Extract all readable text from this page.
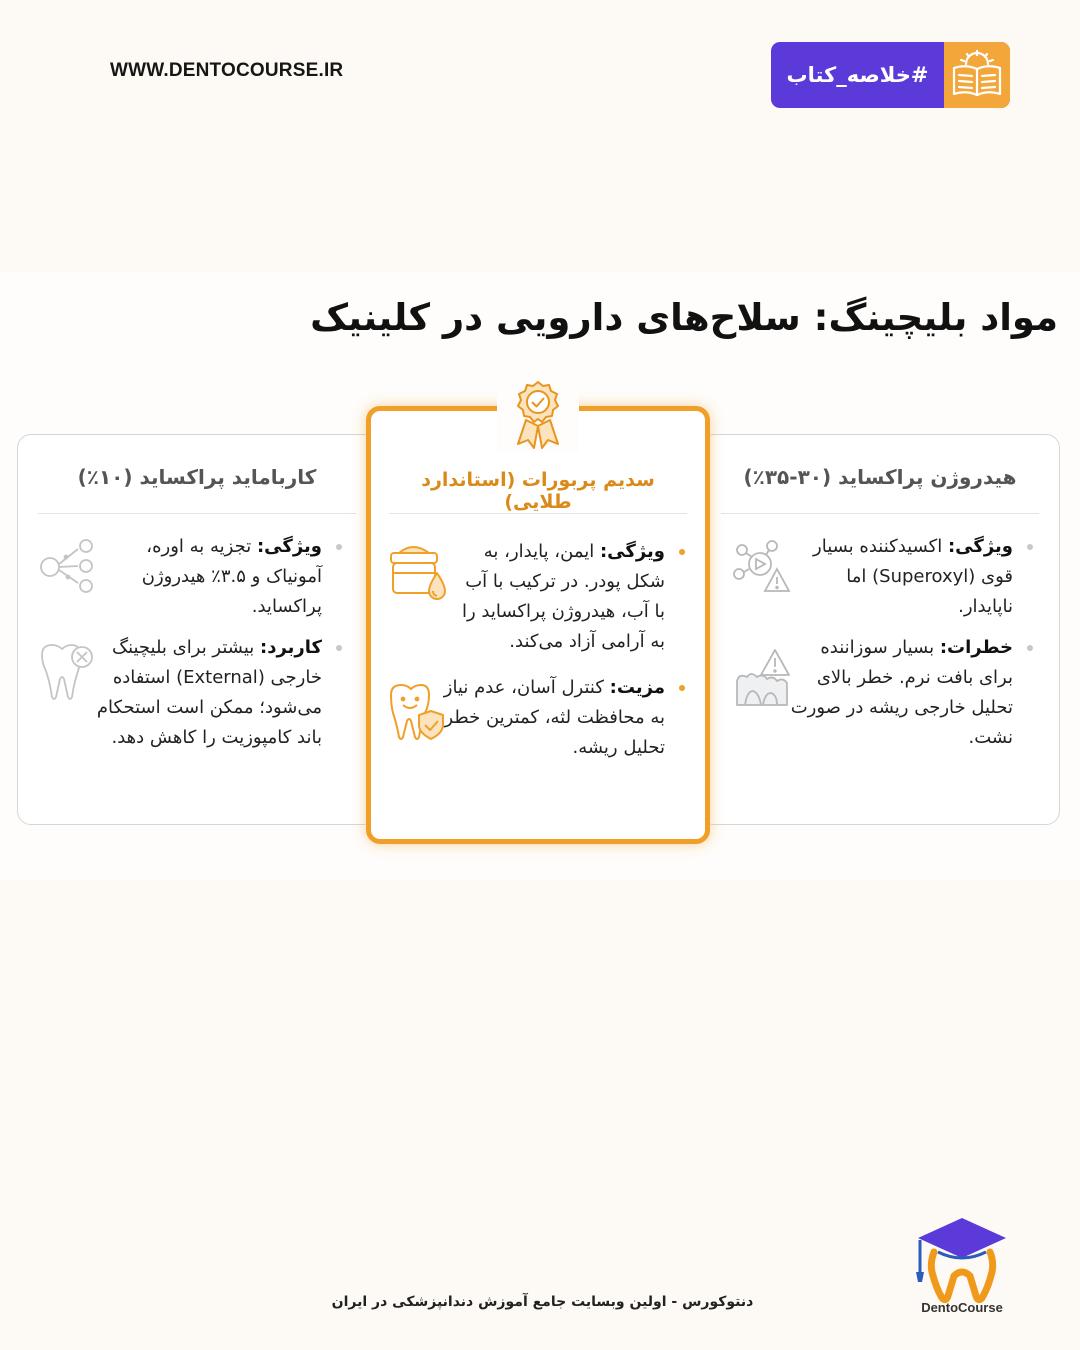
WWW.DENTOCOURSE.IR	#خلاصه_کتاب
مواد بلیچینگ: سلاح‌های دارویی در کلینیک
هیدروژن پراکساید (۳۰-۳۵٪)
ویژگی: اکسیدکننده بسیار قوی (Superoxyl) اما ناپایدار.
خطرات: بسیار سوزاننده برای بافت نرم. خطر بالای تحلیل خارجی ریشه در صورت نشت.
کارباماید پراکساید (۱۰٪)
ویژگی: تجزیه به اوره، آمونیاک و ۳.۵٪ هیدروژن پراکساید.
کاربرد: بیشتر برای بلیچینگ خارجی (External) استفاده می‌شود؛ ممکن است استحکام باند کامپوزیت را کاهش دهد.
سدیم پربورات (استاندارد طلایی)
ویژگی: ایمن، پایدار، به شکل پودر. در ترکیب با آب با آب، هیدروژن پراکساید را به آرامی آزاد می‌کند.
مزیت: کنترل آسان، عدم نیاز به محافظت لثه، کمترین خطر تحلیل ریشه.
دنتوکورس - اولین وبسایت جامع آموزش دندانپزشکی در ایران	DentoCourse
